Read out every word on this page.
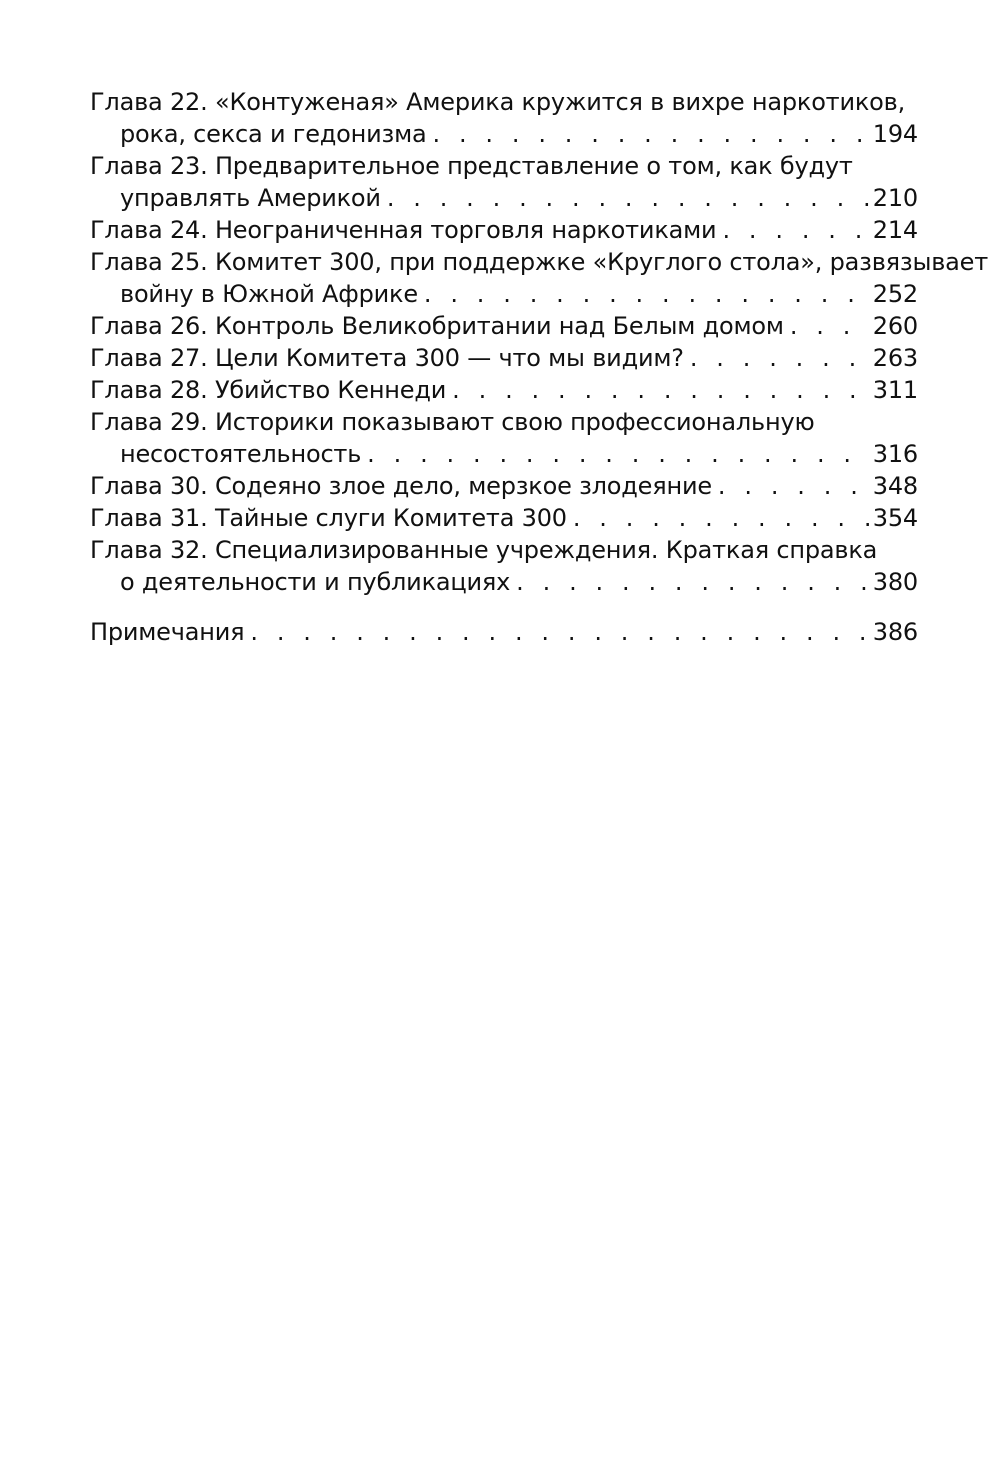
Глава 22. «Контуженая» Америка кружится в вихре наркотиков,
рока, секса и гедонизма . . .	194
Глава 23. Предварительное представление о том, как будут
управлять Америкой . . .	210
Глава 24. Неограниченная торговля наркотиками . . .	214
Глава 25. Комитет 300, при поддержке «Круглого стола», развязывает
войну в Южной Африке . . .	252
Глава 26. Контроль Великобритании над Белым домом . . .	260
Глава 27. Цели Комитета 300 — что мы видим? . . .	263
Глава 28. Убийство Кеннеди . . .	311
Глава 29. Историки показывают свою профессиональную
несостоятельность . . .	316
Глава 30. Содеяно злое дело, мерзкое злодеяние . . .	348
Глава 31. Тайные слуги Комитета 300 . . .	354
Глава 32. Специализированные учреждения. Краткая справка
о деятельности и публикациях . . .	380
Примечания . . .	386
